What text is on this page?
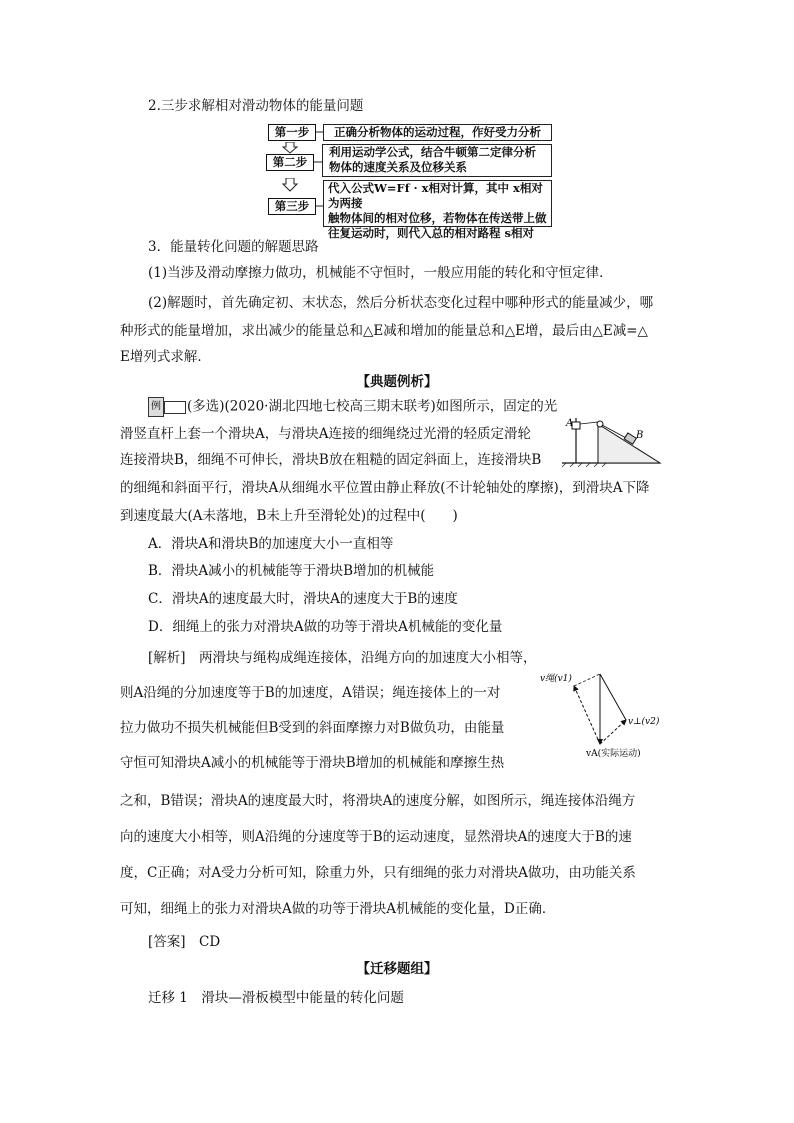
2.三步求解相对滑动物体的能量问题
第一步	正确分析物体的运动过程，作好受力分析
第二步
利用运动学公式，结合牛顿第二定律分析
物体的速度关系及位移关系
第三步
代入公式W=Ff · x相对计算，其中 x相对为两接
触物体间的相对位移，若物体在传送带上做
往复运动时，则代入总的相对路程 s相对
3．能量转化问题的解题思路
(1)当涉及滑动摩擦力做功，机械能不守恒时，一般应用能的转化和守恒定律．
(2)解题时，首先确定初、末状态，然后分析状态变化过程中哪种形式的能量减少，哪
种形式的能量增加，求出减少的能量总和△E减和增加的能量总和△E增，最后由△E减=△
E增列式求解．
【典题例析】
例 (多选)(2020·湖北四地七校高三期末联考)如图所示，固定的光
滑竖直杆上套一个滑块A，与滑块A连接的细绳绕过光滑的轻质定滑轮
连接滑块B，细绳不可伸长，滑块B放在粗糙的固定斜面上，连接滑块B
的细绳和斜面平行，滑块A从细绳水平位置由静止释放(不计轮轴处的摩擦)，到滑块A下降
到速度最大(A未落地，B未上升至滑轮处)的过程中(　　)
A
B
A．滑块A和滑块B的加速度大小一直相等
B．滑块A减小的机械能等于滑块B增加的机械能
C．滑块A的速度最大时，滑块A的速度大于B的速度
D．细绳上的张力对滑块A做的功等于滑块A机械能的变化量
[解析]　两滑块与绳构成绳连接体，沿绳方向的加速度大小相等，
则A沿绳的分加速度等于B的加速度，A错误；绳连接体上的一对
拉力做功不损失机械能但B受到的斜面摩擦力对B做负功，由能量
守恒可知滑块A减小的机械能等于滑块B增加的机械能和摩擦生热
之和，B错误；滑块A的速度最大时，将滑块A的速度分解，如图所示，绳连接体沿绳方
向的速度大小相等，则A沿绳的分速度等于B的运动速度，显然滑块A的速度大于B的速
度，C正确；对A受力分析可知，除重力外，只有细绳的张力对滑块A做功，由功能关系
可知，细绳上的张力对滑块A做的功等于滑块A机械能的变化量，D正确．
[答案]　CD
v绳(v1)
v⊥(v2)
vA(实际运动)
【迁移题组】
迁移 1　滑块—滑板模型中能量的转化问题
